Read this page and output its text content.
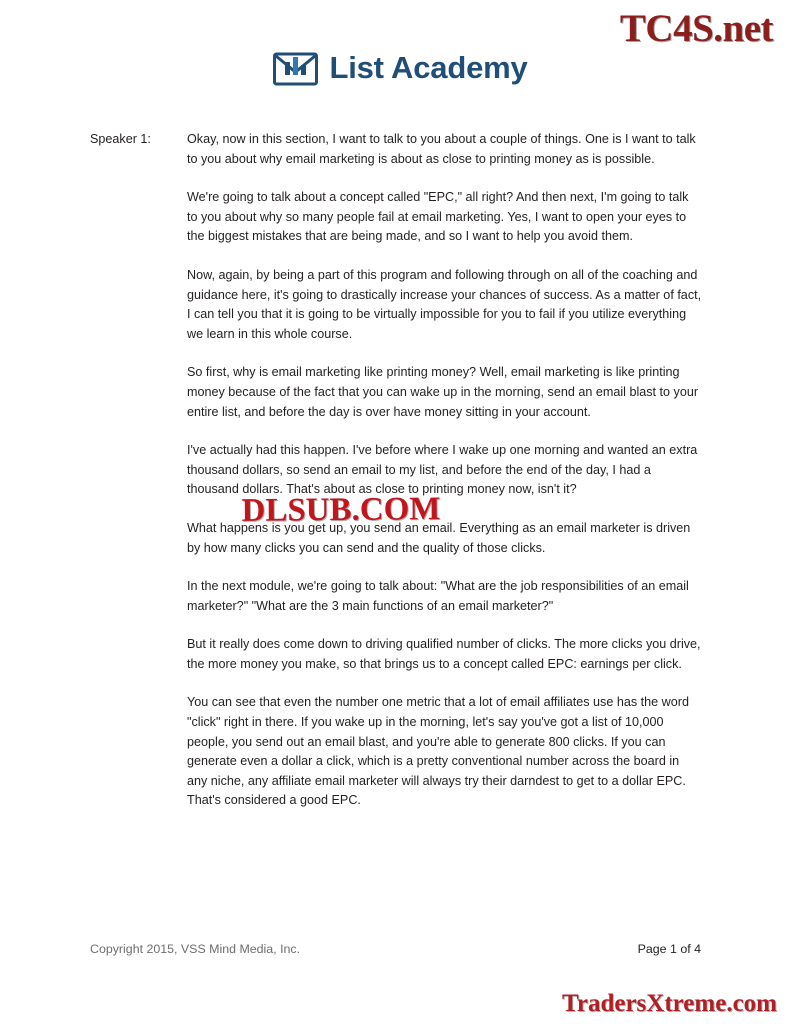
TC4S.net
List Academy
Speaker 1:	Okay, now in this section, I want to talk to you about a couple of things. One is I want to talk to you about why email marketing is about as close to printing money as is possible.

We're going to talk about a concept called "EPC," all right? And then next, I'm going to talk to you about why so many people fail at email marketing. Yes, I want to open your eyes to the biggest mistakes that are being made, and so I want to help you avoid them.

Now, again, by being a part of this program and following through on all of the coaching and guidance here, it's going to drastically increase your chances of success. As a matter of fact, I can tell you that it is going to be virtually impossible for you to fail if you utilize everything we learn in this whole course.

So first, why is email marketing like printing money? Well, email marketing is like printing money because of the fact that you can wake up in the morning, send an email blast to your entire list, and before the day is over have money sitting in your account.

I've actually had this happen. I've before where I wake up one morning and wanted an extra thousand dollars, so send an email to my list, and before the end of the day, I had a thousand dollars. That's about as close to printing money now, isn't it?

What happens is you get up, you send an email. Everything as an email marketer is driven by how many clicks you can send and the quality of those clicks.

In the next module, we're going to talk about: "What are the job responsibilities of an email marketer?" "What are the 3 main functions of an email marketer?"

But it really does come down to driving qualified number of clicks. The more clicks you drive, the more money you make, so that brings us to a concept called EPC: earnings per click.

You can see that even the number one metric that a lot of email affiliates use has the word "click" right in there. If you wake up in the morning, let's say you've got a list of 10,000 people, you send out an email blast, and you're able to generate 800 clicks. If you can generate even a dollar a click, which is a pretty conventional number across the board in any niche, any affiliate email marketer will always try their darndest to get to a dollar EPC. That's considered a good EPC.

DLSUB.COM
Copyright 2015, VSS Mind Media, Inc.	Page 1 of 4
TradersXtreme.com
